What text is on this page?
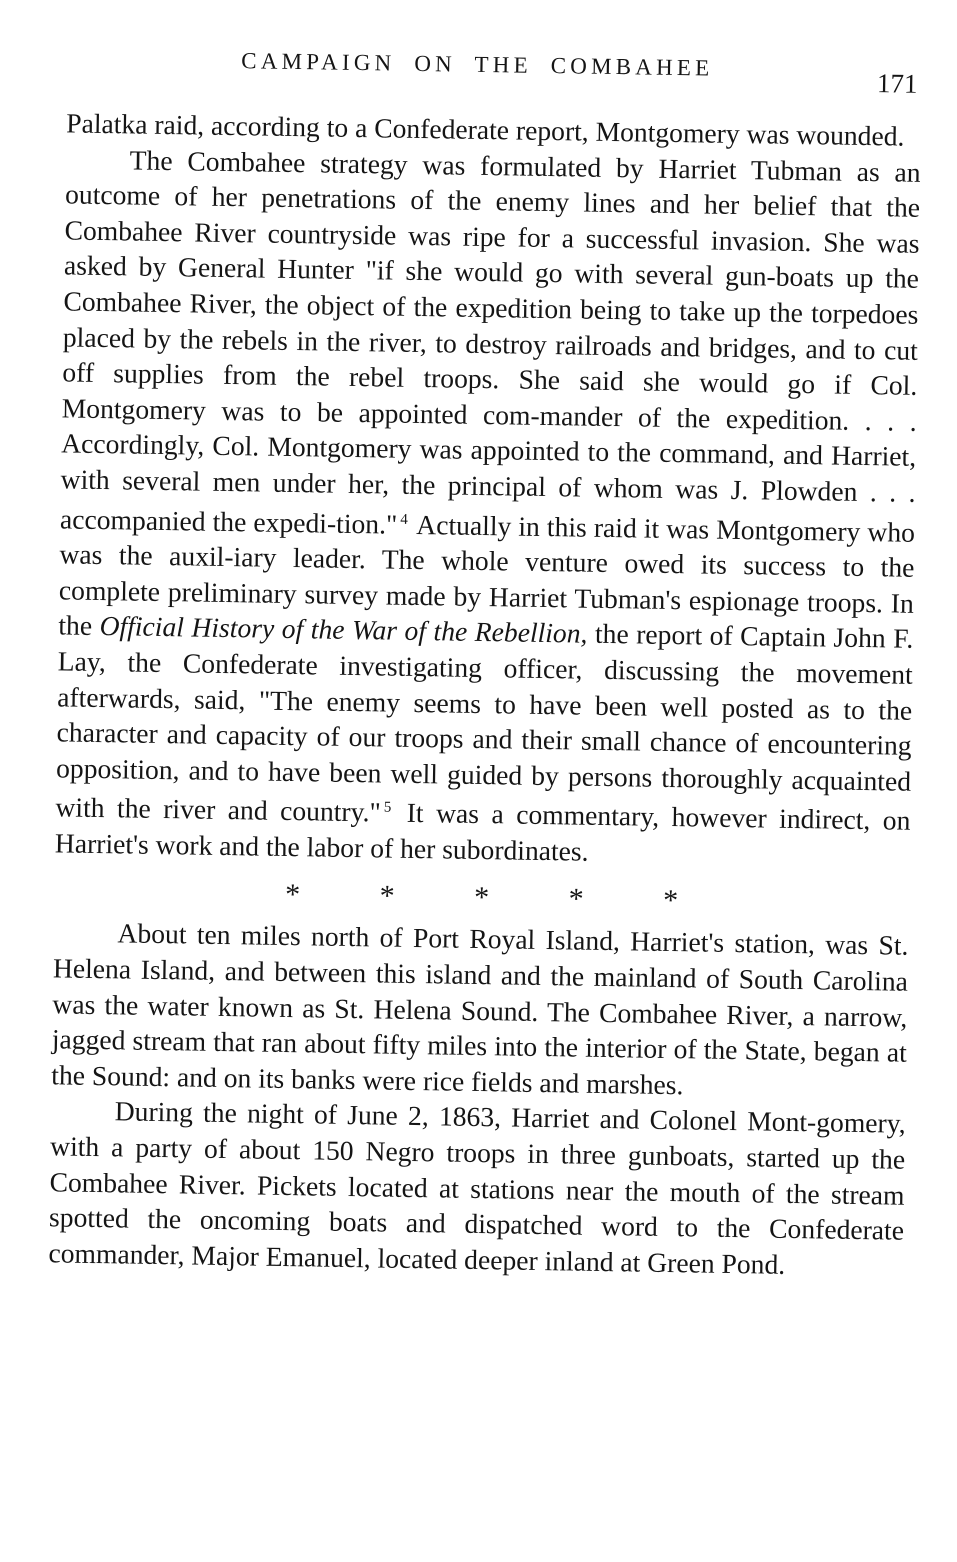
CAMPAIGN ON THE COMBAHEE
171

Palatka raid, according to a Confederate report, Montgomery was wounded.

The Combahee strategy was formulated by Harriet Tubman as an outcome of her penetrations of the enemy lines and her belief that the Combahee River countryside was ripe for a successful invasion. She was asked by General Hunter "if she would go with several gun-boats up the Combahee River, the object of the expedition being to take up the torpedoes placed by the rebels in the river, to destroy railroads and bridges, and to cut off supplies from the rebel troops. She said she would go if Col. Montgomery was to be appointed com-mander of the expedition. . . . Accordingly, Col. Montgomery was appointed to the command, and Harriet, with several men under her, the principal of whom was J. Plowden . . . accompanied the expedi-tion." $^4$ Actually in this raid it was Montgomery who was the auxil-iary leader. The whole venture owed its success to the complete preliminary survey made by Harriet Tubman's espionage troops. In the Official History of the War of the Rebellion, the report of Captain John F. Lay, the Confederate investigating officer, discussing the movement afterwards, said, "The enemy seems to have been well posted as to the character and capacity of our troops and their small chance of encountering opposition, and to have been well guided by persons thoroughly acquainted with the river and country." $^5$ It was a commentary, however indirect, on Harriet's work and the labor of her subordinates.

* * * * *

About ten miles north of Port Royal Island, Harriet's station, was St. Helena Island, and between this island and the mainland of South Carolina was the water known as St. Helena Sound. The Combahee River, a narrow, jagged stream that ran about fifty miles into the interior of the State, began at the Sound: and on its banks were rice fields and marshes.

During the night of June 2, 1863, Harriet and Colonel Mont-gomery, with a party of about 150 Negro troops in three gunboats, started up the Combahee River. Pickets located at stations near the mouth of the stream spotted the oncoming boats and dispatched word to the Confederate commander, Major Emanuel, located deeper inland at Green Pond.
